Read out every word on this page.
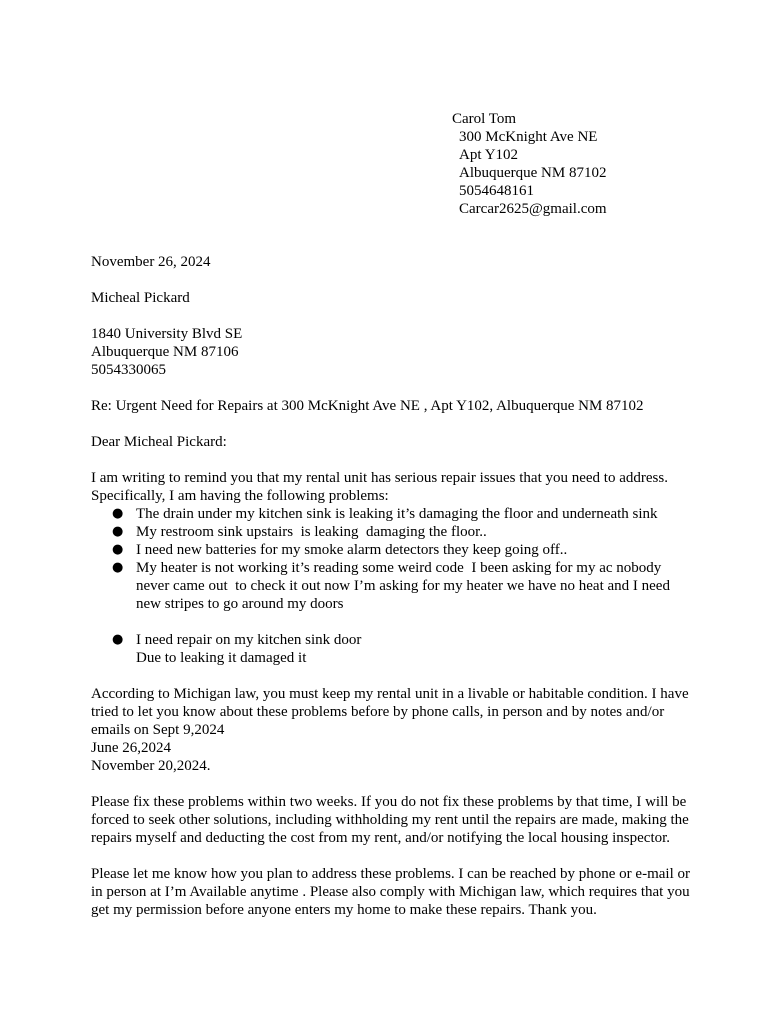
Carol Tom
300 McKnight Ave NE
Apt Y102
Albuquerque NM 87102
5054648161
Carcar2625@gmail.com
November 26, 2024
Micheal Pickard
1840 University Blvd SE
Albuquerque NM 87106
5054330065
Re: Urgent Need for Repairs at 300 McKnight Ave NE , Apt Y102, Albuquerque NM 87102
Dear Micheal Pickard:
I am writing to remind you that my rental unit has serious repair issues that you need to address. Specifically, I am having the following problems:
● The drain under my kitchen sink is leaking it’s damaging the floor and underneath sink
● My restroom sink upstairs  is leaking  damaging the floor..
● I need new batteries for my smoke alarm detectors they keep going off..
● My heater is not working it’s reading some weird code  I been asking for my ac nobody never came out  to check it out now I’m asking for my heater we have no heat and I need new stripes to go around my doors
● I need repair on my kitchen sink door
Due to leaking it damaged it
According to Michigan law, you must keep my rental unit in a livable or habitable condition. I have tried to let you know about these problems before by phone calls, in person and by notes and/or emails on Sept 9,2024
June 26,2024
November 20,2024.
Please fix these problems within two weeks. If you do not fix these problems by that time, I will be forced to seek other solutions, including withholding my rent until the repairs are made, making the repairs myself and deducting the cost from my rent, and/or notifying the local housing inspector.
Please let me know how you plan to address these problems. I can be reached by phone or e-mail or in person at I’m Available anytime . Please also comply with Michigan law, which requires that you get my permission before anyone enters my home to make these repairs. Thank you.
